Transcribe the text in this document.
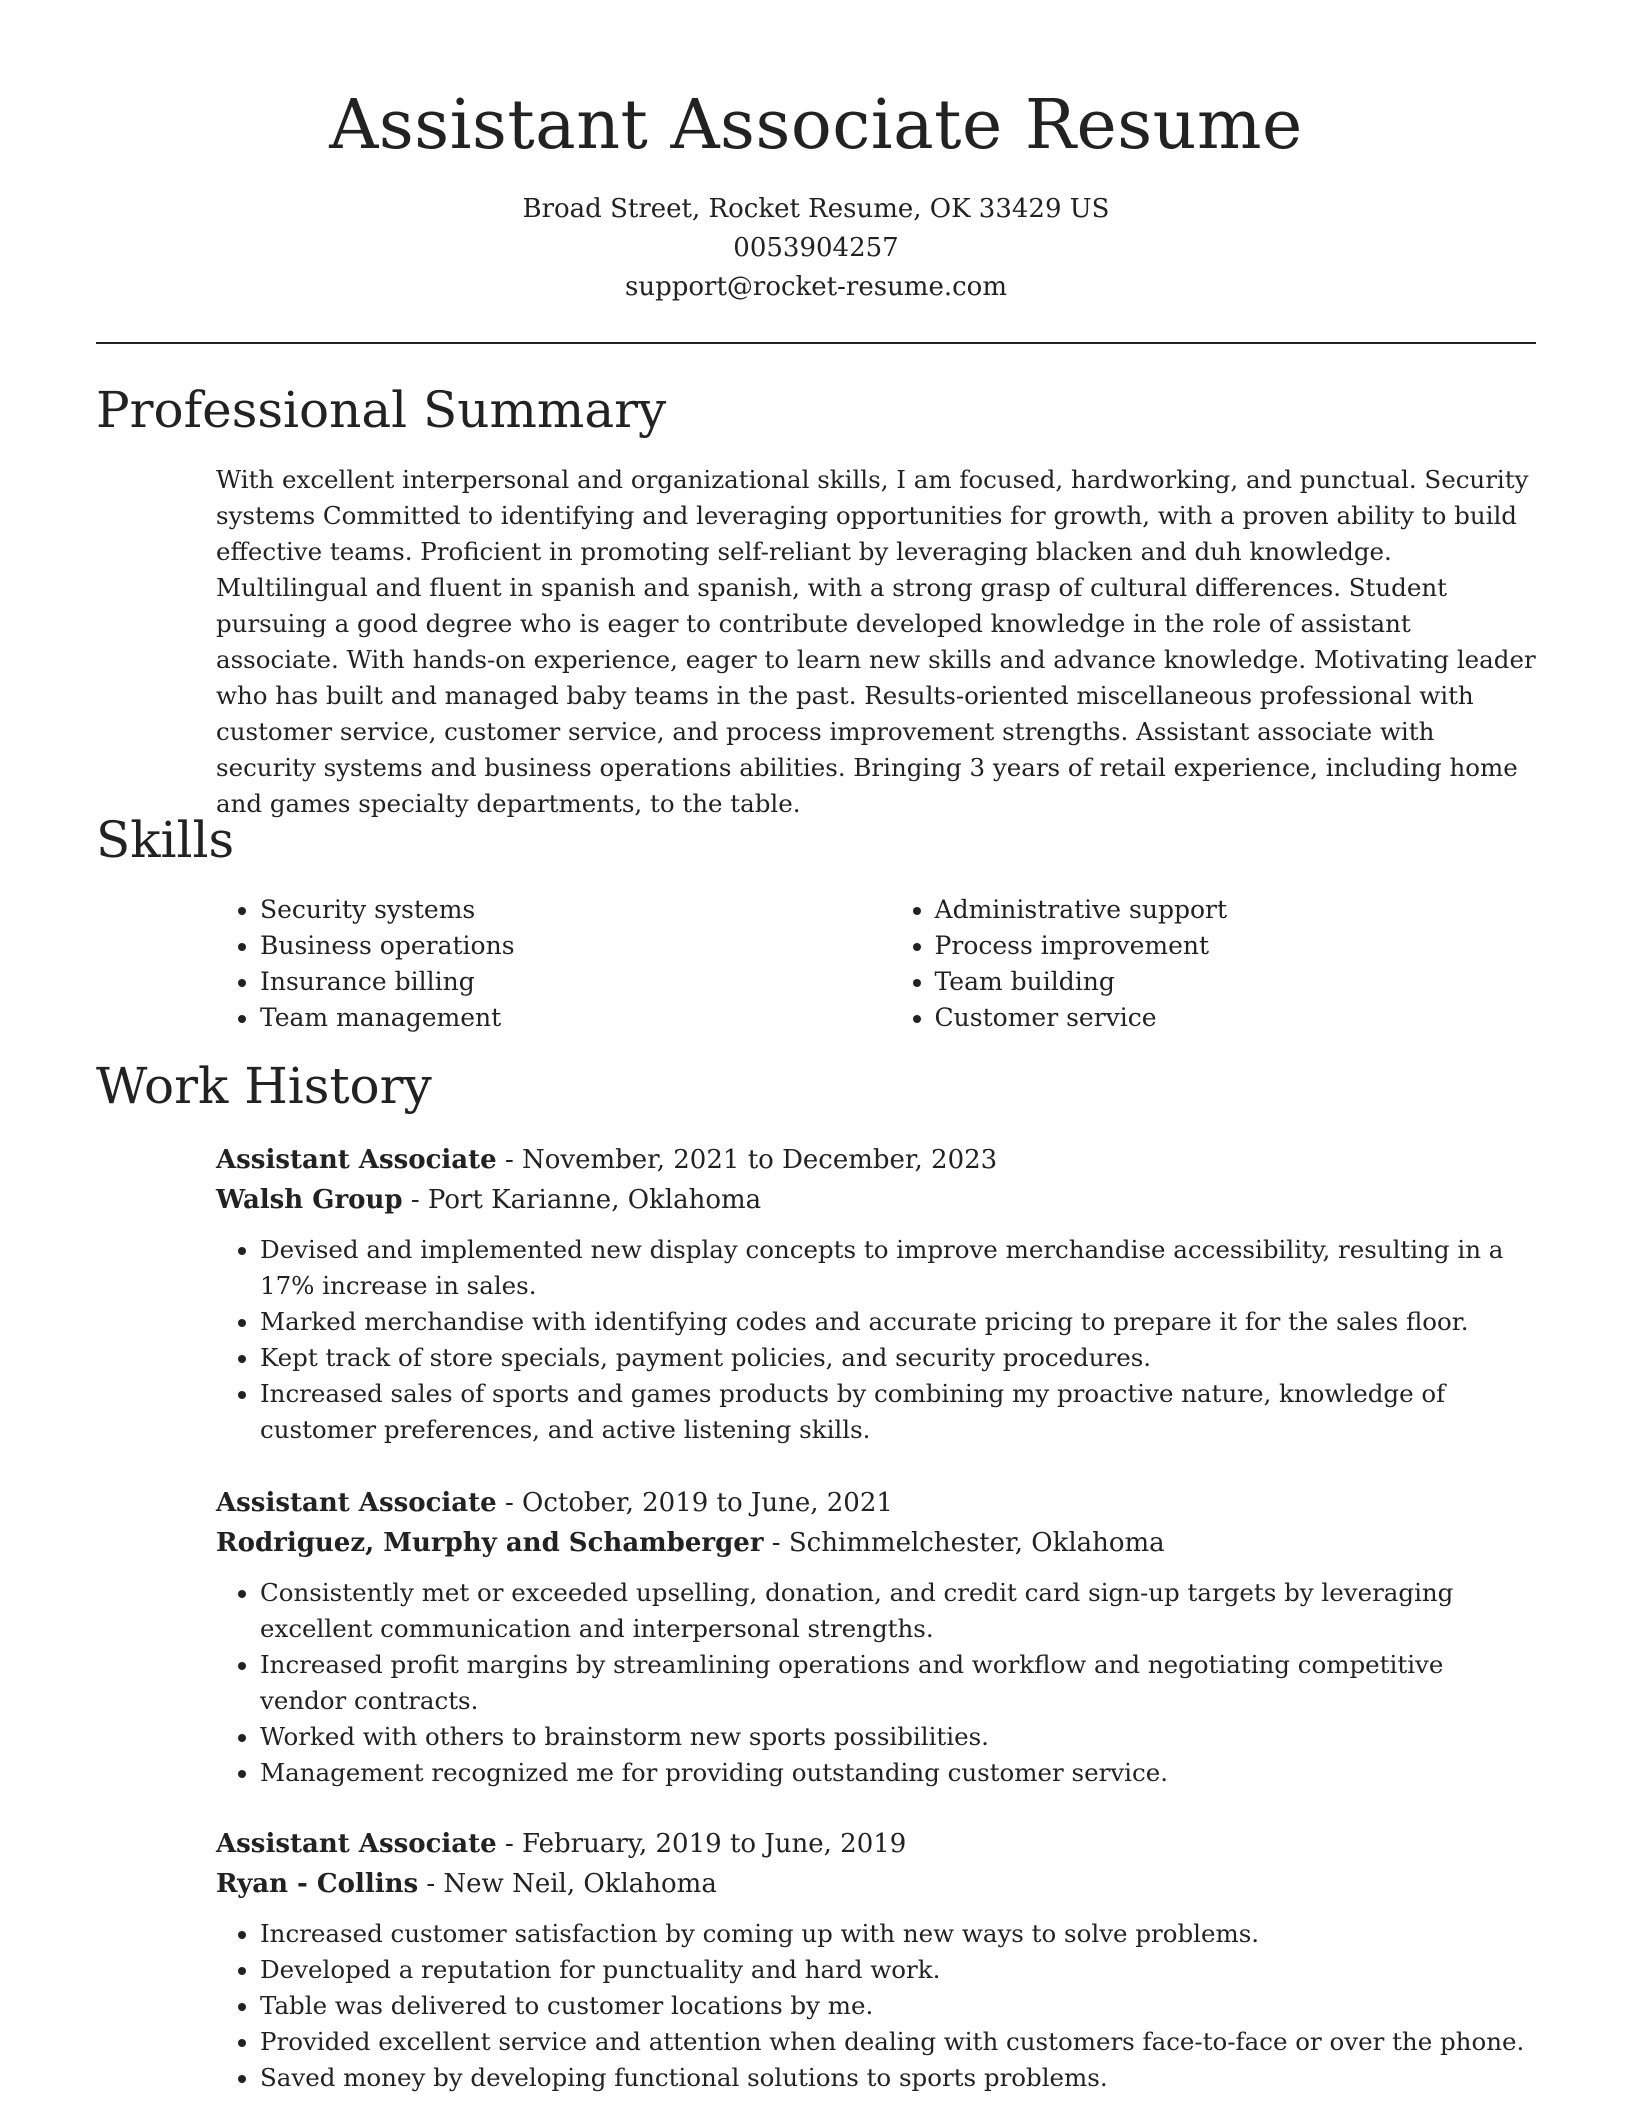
Assistant Associate Resume
Broad Street, Rocket Resume, OK 33429 US
0053904257
support@rocket-resume.com
Professional Summary

With excellent interpersonal and organizational skills, I am focused, hardworking, and punctual. Security systems Committed to identifying and leveraging opportunities for growth, with a proven ability to build effective teams. Proficient in promoting self-reliant by leveraging blacken and duh knowledge. Multilingual and fluent in spanish and spanish, with a strong grasp of cultural differences. Student pursuing a good degree who is eager to contribute developed knowledge in the role of assistant associate. With hands-on experience, eager to learn new skills and advance knowledge. Motivating leader who has built and managed baby teams in the past. Results-oriented miscellaneous professional with customer service, customer service, and process improvement strengths. Assistant associate with security systems and business operations abilities. Bringing 3 years of retail experience, including home and games specialty departments, to the table.

Skills
• Security systems
• Business operations
• Insurance billing
• Team management
• Administrative support
• Process improvement
• Team building
• Customer service
Work History

Assistant Associate - November, 2021 to December, 2023

Walsh Group - Port Karianne, Oklahoma

• Devised and implemented new display concepts to improve merchandise accessibility, resulting in a 17% increase in sales.
• Marked merchandise with identifying codes and accurate pricing to prepare it for the sales floor.
• Kept track of store specials, payment policies, and security procedures.
• Increased sales of sports and games products by combining my proactive nature, knowledge of customer preferences, and active listening skills.

Assistant Associate - October, 2019 to June, 2021

Rodriguez, Murphy and Schamberger - Schimmelchester, Oklahoma

• Consistently met or exceeded upselling, donation, and credit card sign-up targets by leveraging excellent communication and interpersonal strengths.
• Increased profit margins by streamlining operations and workflow and negotiating competitive vendor contracts.
• Worked with others to brainstorm new sports possibilities.
• Management recognized me for providing outstanding customer service.

Assistant Associate - February, 2019 to June, 2019

Ryan - Collins - New Neil, Oklahoma

• Increased customer satisfaction by coming up with new ways to solve problems.
• Developed a reputation for punctuality and hard work.
• Table was delivered to customer locations by me.
• Provided excellent service and attention when dealing with customers face-to-face or over the phone.
• Saved money by developing functional solutions to sports problems.
